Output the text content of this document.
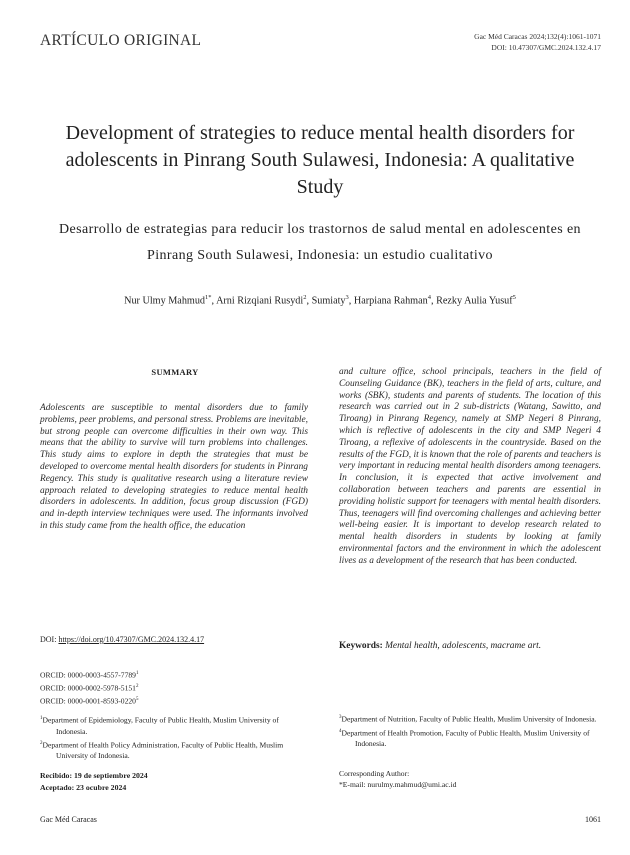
ARTÍCULO ORIGINAL	Gac Méd Caracas 2024;132(4):1061-1071
DOI: 10.47307/GMC.2024.132.4.17
Development of strategies to reduce mental health disorders for adolescents in Pinrang South Sulawesi, Indonesia: A qualitative Study
Desarrollo de estrategias para reducir los trastornos de salud mental en adolescentes en Pinrang South Sulawesi, Indonesia: un estudio cualitativo
Nur Ulmy Mahmud$^{1*}$, Arni Rizqiani Rusydi$^2$, Sumiaty$^3$, Harpiana Rahman$^4$, Rezky Aulia Yusuf$^5$
SUMMARY
Adolescents are susceptible to mental disorders due to family problems, peer problems, and personal stress. Problems are inevitable, but strong people can overcome difficulties in their own way. This means that the ability to survive will turn problems into challenges. This study aims to explore in depth the strategies that must be developed to overcome mental health disorders for students in Pinrang Regency. This study is qualitative research using a literature review approach related to developing strategies to reduce mental health disorders in adolescents. In addition, focus group discussion (FGD) and in-depth interview techniques were used. The informants involved in this study came from the health office, the education
and culture office, school principals, teachers in the field of Counseling Guidance (BK), teachers in the field of arts, culture, and works (SBK), students and parents of students. The location of this research was carried out in 2 sub-districts (Watang, Sawitto, and Tiroang) in Pinrang Regency, namely at SMP Negeri 8 Pinrang, which is reflective of adolescents in the city and SMP Negeri 4 Tiroang, a reflexive of adolescents in the countryside. Based on the results of the FGD, it is known that the role of parents and teachers is very important in reducing mental health disorders among teenagers. In conclusion, it is expected that active involvement and collaboration between teachers and parents are essential in providing holistic support for teenagers with mental health disorders. Thus, teenagers will find overcoming challenges and achieving better well-being easier. It is important to develop research related to mental health disorders in students by looking at family environmental factors and the environment in which the adolescent lives as a development of the research that has been conducted.
DOI: https://doi.org/10.47307/GMC.2024.132.4.17
Keywords: Mental health, adolescents, macrame art.
ORCID: 0000-0003-4557-7789$^1$
ORCID: 0000-0002-5978-5151$^2$
ORCID: 0000-0001-8593-0220$^5$
$^1$Department of Epidemiology, Faculty of Public Health, Muslim University of Indonesia.
$^2$Department of Health Policy Administration, Faculty of Public Health, Muslim University of Indonesia.
$^3$Department of Nutrition, Faculty of Public Health, Muslim University of Indonesia.
$^4$Department of Health Promotion, Faculty of Public Health, Muslim University of Indonesia.
Recibido: 19 de septiembre 2024
Aceptado: 23 ocubre 2024
Corresponding Author:
*E-mail: nurulmy.mahmud@umi.ac.id
Gac Méd Caracas	1061
